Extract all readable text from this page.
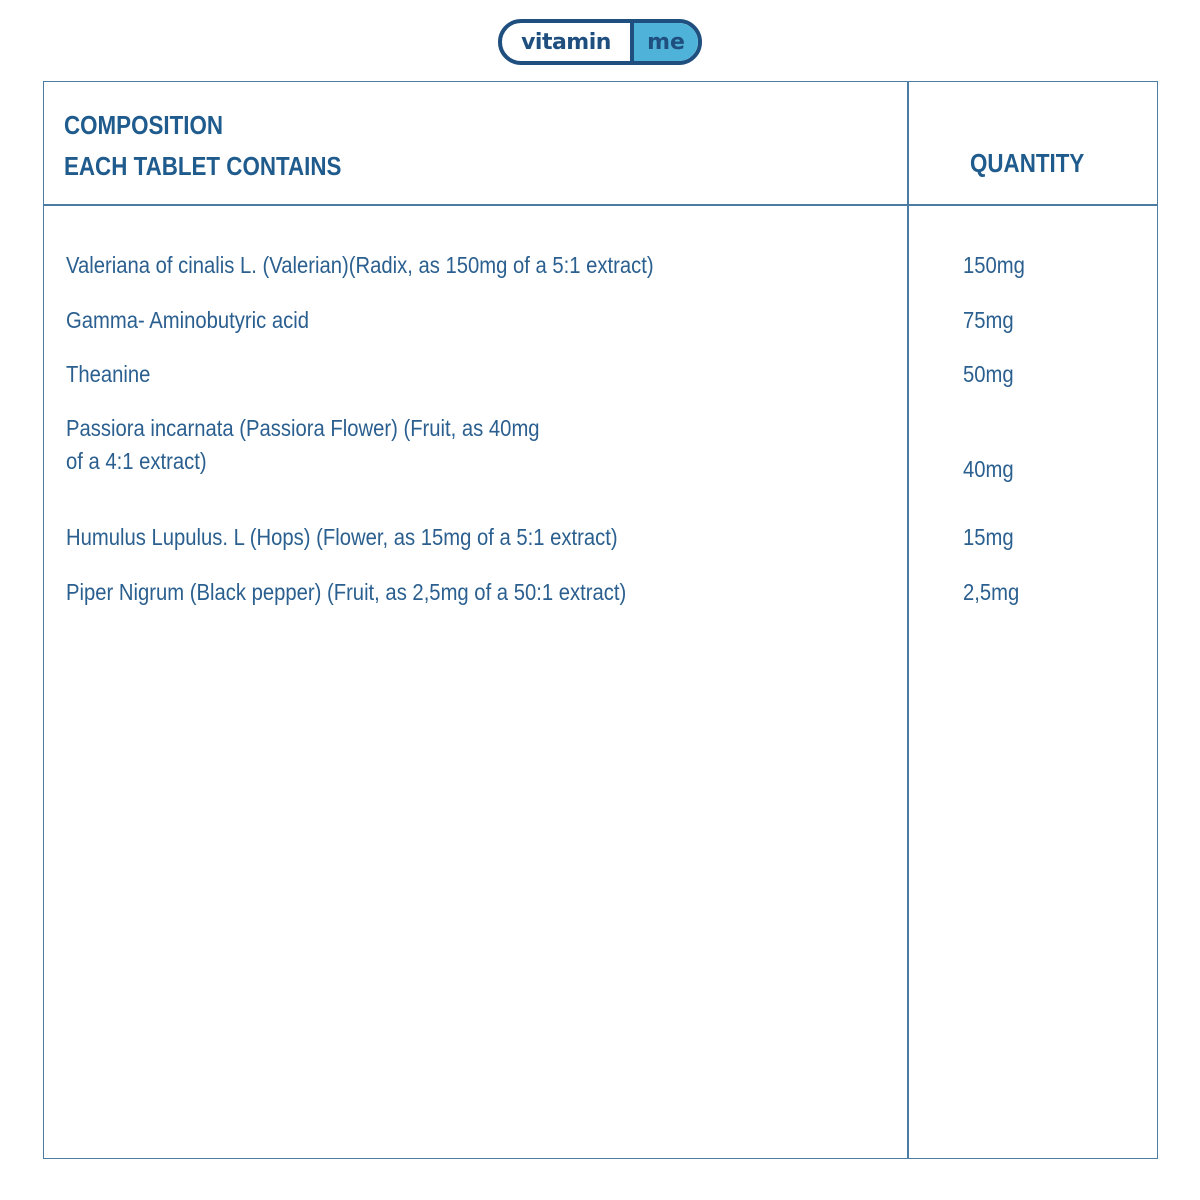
vitamin	me
COMPOSITION
EACH TABLET CONTAINS	QUANTITY
Valeriana of cinalis L. (Valerian)(Radix, as 150mg of a 5:1 extract)	150mg
Gamma- Aminobutyric acid	75mg
Theanine	50mg
Passiora incarnata (Passiora Flower) (Fruit, as 40mg
of a 4:1 extract)	40mg
Humulus Lupulus. L (Hops) (Flower, as 15mg of a 5:1 extract)	15mg
Piper Nigrum (Black pepper) (Fruit, as 2,5mg of a 50:1 extract)	2,5mg
